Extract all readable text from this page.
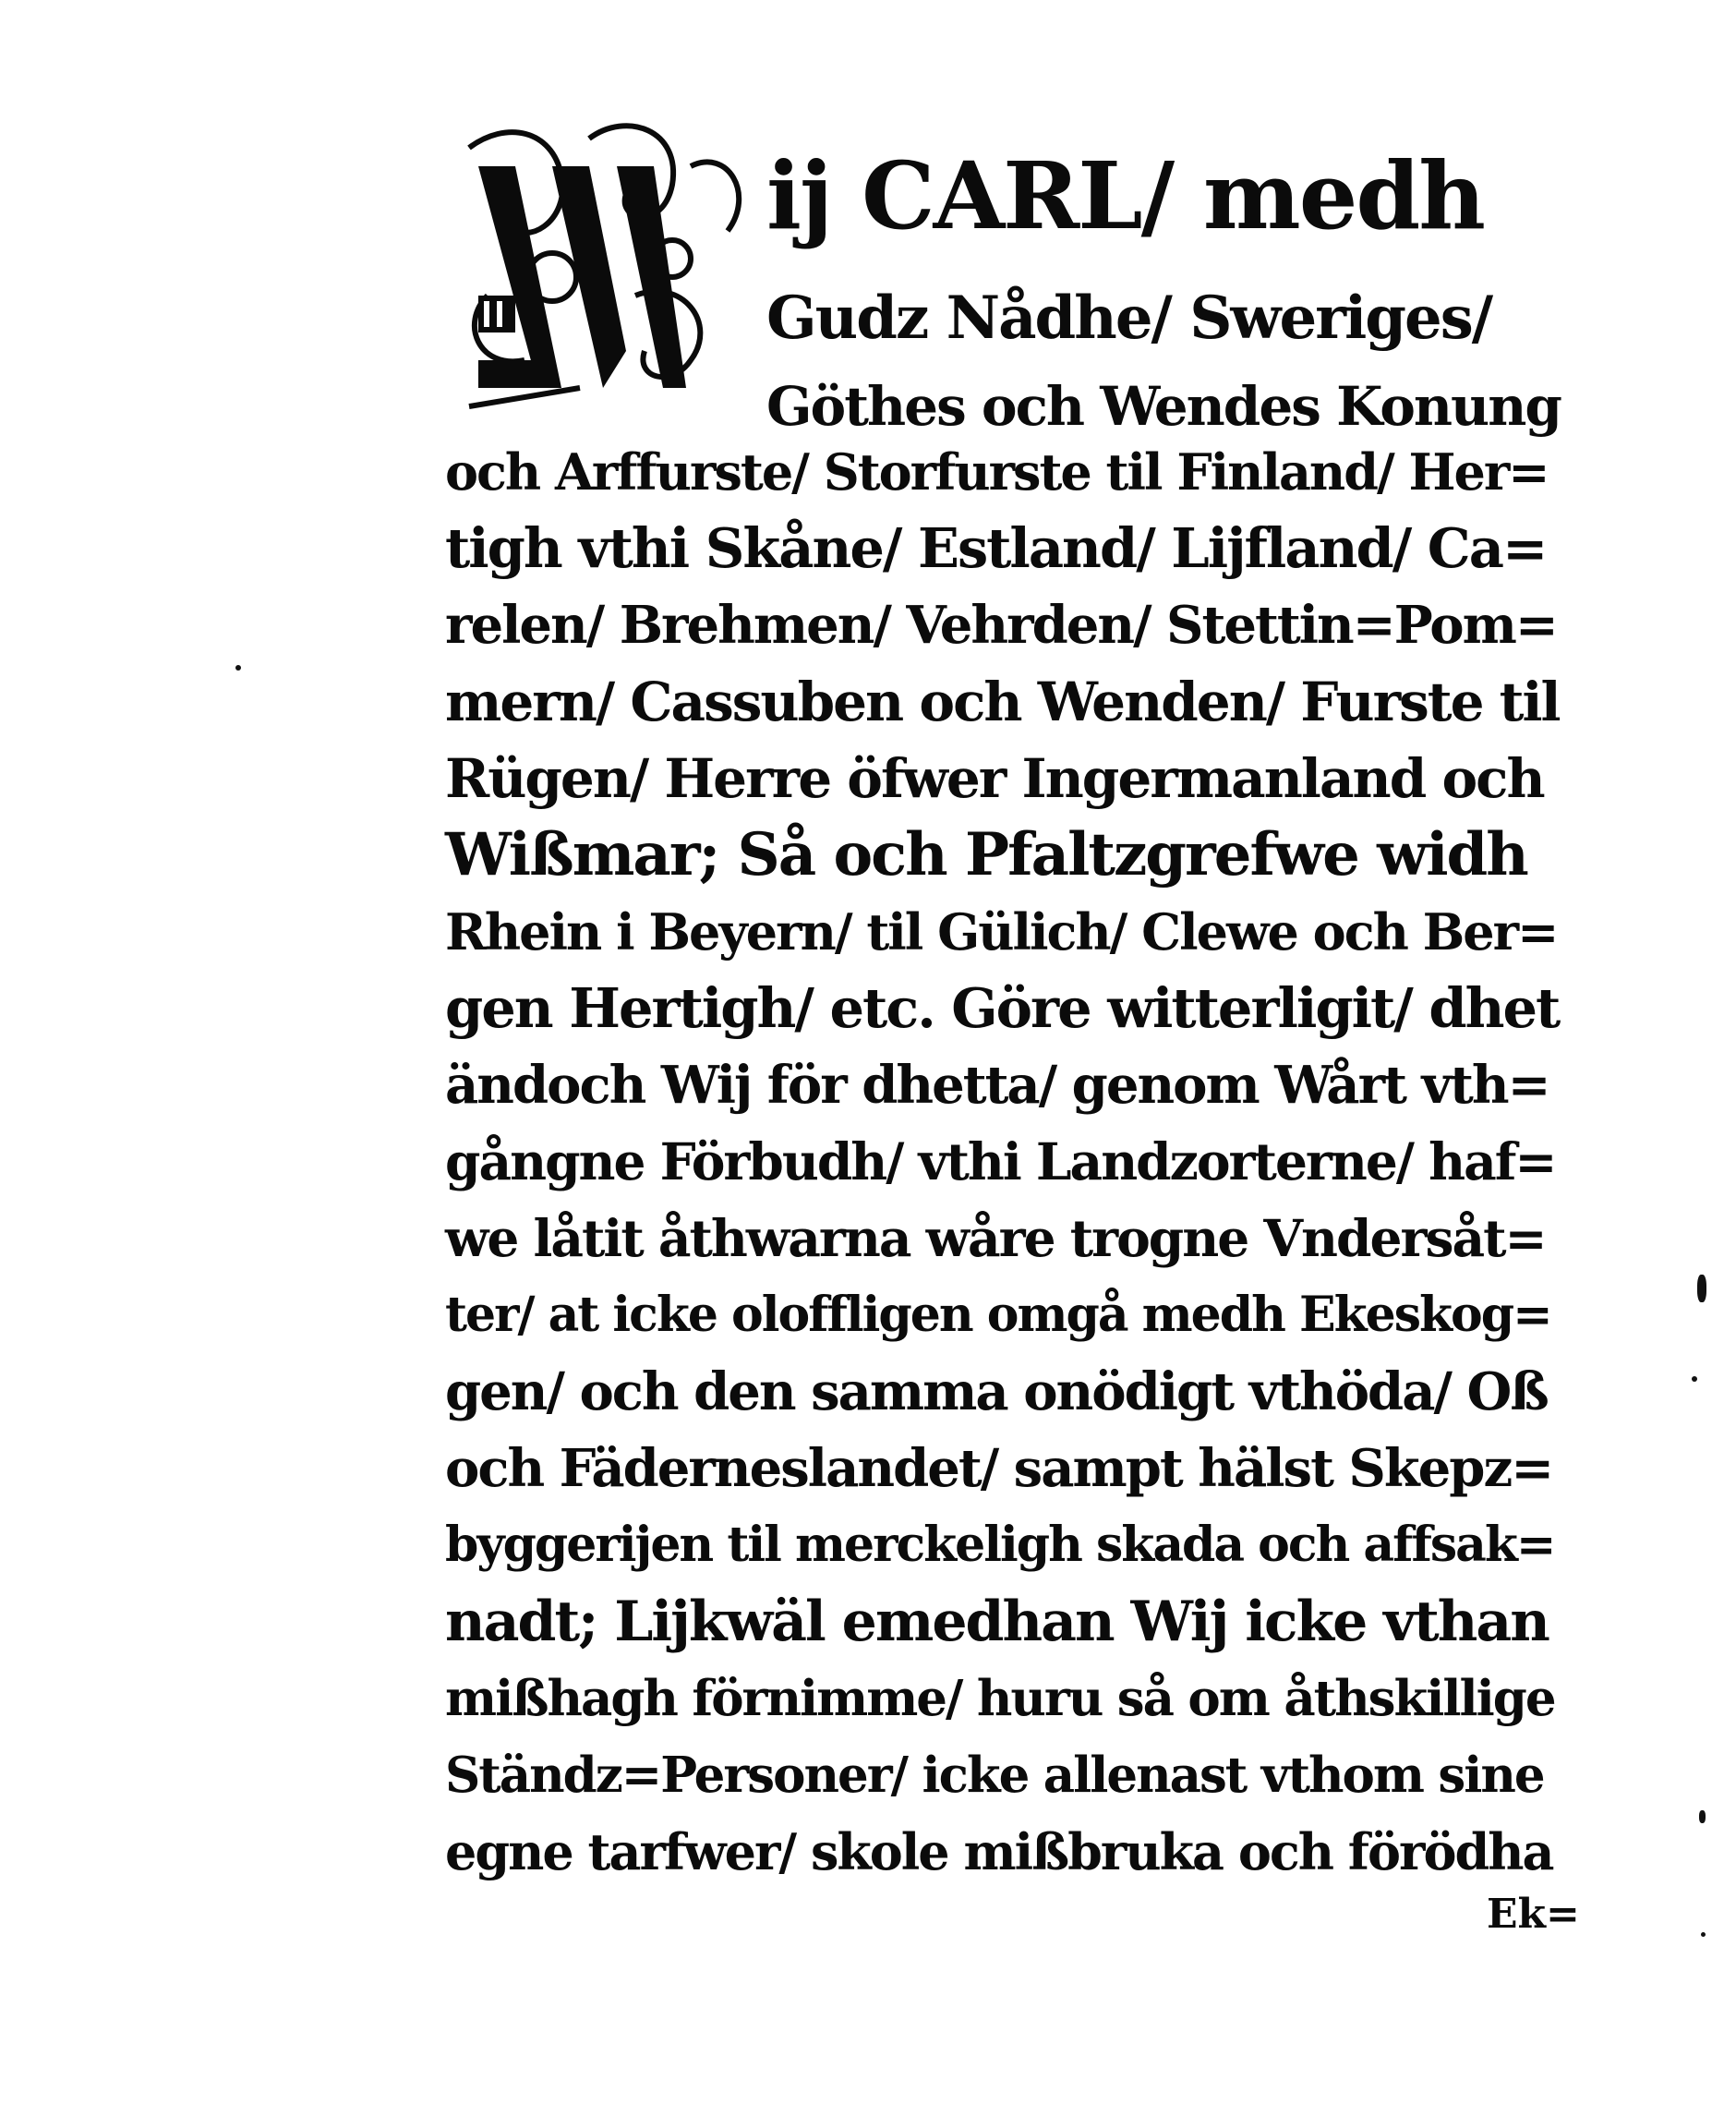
ij CARL/ medh
Gudz Nådhe/ Sweriges/
Göthes och Wendes Konung
och Arffurste/ Storfurste til Finland/ Her=
tigh vthi Skåne/ Estland/ Lijfland/ Ca=
relen/ Brehmen/ Vehrden/ Stettin=Pom=
mern/ Cassuben och Wenden/ Furste til
Rügen/ Herre öfwer Ingermanland och
Wißmar; Så och Pfaltzgrefwe widh
Rhein i Beyern/ til Gülich/ Clewe och Ber=
gen Hertigh/ etc. Göre witterligit/ dhet
ändoch Wij för dhetta/ genom Wårt vth=
gångne Förbudh/ vthi Landzorterne/ haf=
we låtit åthwarna wåre trogne Vndersåt=
ter/ at icke oloffligen omgå medh Ekeskog=
gen/ och den samma onödigt vthöda/ Oß
och Fäderneslandet/ sampt hälst Skepz=
byggerijen til merckeligh skada och affsak=
nadt; Lijkwäl emedhan Wij icke vthan
mißhagh förnimme/ huru så om åthskillige
Ständz=Personer/ icke allenast vthom sine
egne tarfwer/ skole mißbruka och förödha
Ek=
